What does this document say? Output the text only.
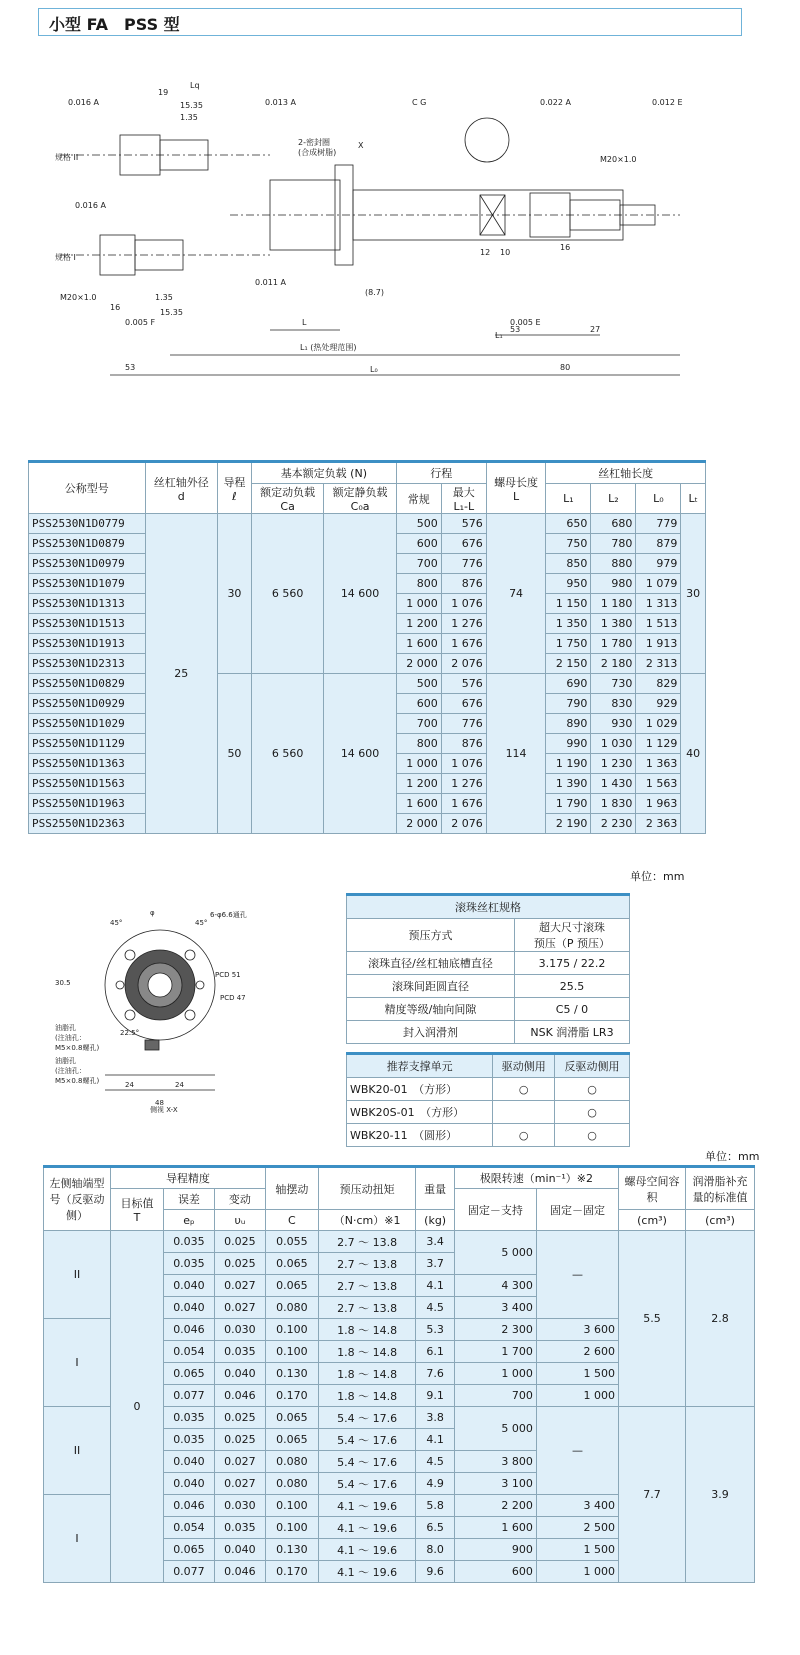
小型 FA　PSS 型
规格 II
规格 I
0.016 A	0.013 A	C G	0.022 A	0.012 E
0.016 A
0.011 A
0.005 F	0.005 E
2-密封圈
(合成树脂)
M20×1.0
M20×1.0
L
L₁ (热处理范围)
53	80
53	27
16
16
12 10
15.35
1.35
15.35
1.35
19
(8.7)
L₁
L₀
Lq
X
公称型号	丝杠轴外径
d	导程
ℓ	基本额定负载 (N)		行程		螺母长度
L	丝杠轴长度			
			额定动负载
Ca	额定静负载
C₀a	常规	最大
L₁-L		L₁	L₂	L₀	Lₜ
PSS2530N1D0779	25	30	6 560	14 600	500	576	74	650	680	779	30
PSS2530N1D0879					600	676		750	780	879	
PSS2530N1D0979					700	776		850	880	979	
PSS2530N1D1079					800	876		950	980	1 079	
PSS2530N1D1313					1 000	1 076		1 150	1 180	1 313	
PSS2530N1D1513					1 200	1 276		1 350	1 380	1 513	
PSS2530N1D1913					1 600	1 676		1 750	1 780	1 913	
PSS2530N1D2313					2 000	2 076		2 150	2 180	2 313	
PSS2550N1D0829		50	6 560	14 600	500	576	114	690	730	829	40
PSS2550N1D0929					600	676		790	830	929	
PSS2550N1D1029					700	776		890	930	1 029	
PSS2550N1D1129					800	876		990	1 030	1 129	
PSS2550N1D1363					1 000	1 076		1 190	1 230	1 363	
PSS2550N1D1563					1 200	1 276		1 390	1 430	1 563	
PSS2550N1D1963					1 600	1 676		1 790	1 830	1 963	
PSS2550N1D2363					2 000	2 076		2 190	2 230	2 363	
单位：mm
45°	45°
6-φ6.6通孔
PCD 51
PCD 47
30.5
22.5°
油脂孔
(注油孔：
M5×0.8螺孔)
油脂孔
(注油孔：
M5×0.8螺孔)	24	24
48
侧视 X-X
φ	滚珠丝杠规格	
预压方式	超大尺寸滚珠
预压（P 预压）

滚珠直径/丝杠轴底槽直径	3.175 / 22.2

滚珠间距圆直径	25.5

精度等级/轴向间隙	C5 / 0

封入润滑剂	NSK 润滑脂 LR3
推荐支撑单元	驱动侧用	反驱动侧用
WBK20-01　（方形）	○	○
WBK20S-01　（方形）		○
WBK20-11　（圆形）	○	○
单位：mm
左侧轴端型号（反驱动侧）	导程精度			轴摆动	预压动扭矩	重量	极限转速（min⁻¹）※2		螺母空间容积	润滑脂补充量的标准值
	目标值
T	误差	变动				固定－支持	固定－固定		
		eₚ	υᵤ	C	（N·cm）※1	(kg)			(cm³)	(cm³)
II	0	0.035	0.025	0.055	2.7 ～ 13.8	3.4	5 000	—	5.5	2.8
		0.035	0.025	0.065	2.7 ～ 13.8	3.7				
		0.040	0.027	0.065	2.7 ～ 13.8	4.1	4 300			
		0.040	0.027	0.080	2.7 ～ 13.8	4.5	3 400			
I		0.046	0.030	0.100	1.8 ～ 14.8	5.3	2 300	3 600		
		0.054	0.035	0.100	1.8 ～ 14.8	6.1	1 700	2 600		
		0.065	0.040	0.130	1.8 ～ 14.8	7.6	1 000	1 500		
		0.077	0.046	0.170	1.8 ～ 14.8	9.1	700	1 000		
II		0.035	0.025	0.065	5.4 ～ 17.6	3.8	5 000	—	7.7	3.9
		0.035	0.025	0.065	5.4 ～ 17.6	4.1				
		0.040	0.027	0.080	5.4 ～ 17.6	4.5	3 800			
		0.040	0.027	0.080	5.4 ～ 17.6	4.9	3 100			
I		0.046	0.030	0.100	4.1 ～ 19.6	5.8	2 200	3 400		
		0.054	0.035	0.100	4.1 ～ 19.6	6.5	1 600	2 500		
		0.065	0.040	0.130	4.1 ～ 19.6	8.0	900	1 500		
		0.077	0.046	0.170	4.1 ～ 19.6	9.6	600	1 000		
